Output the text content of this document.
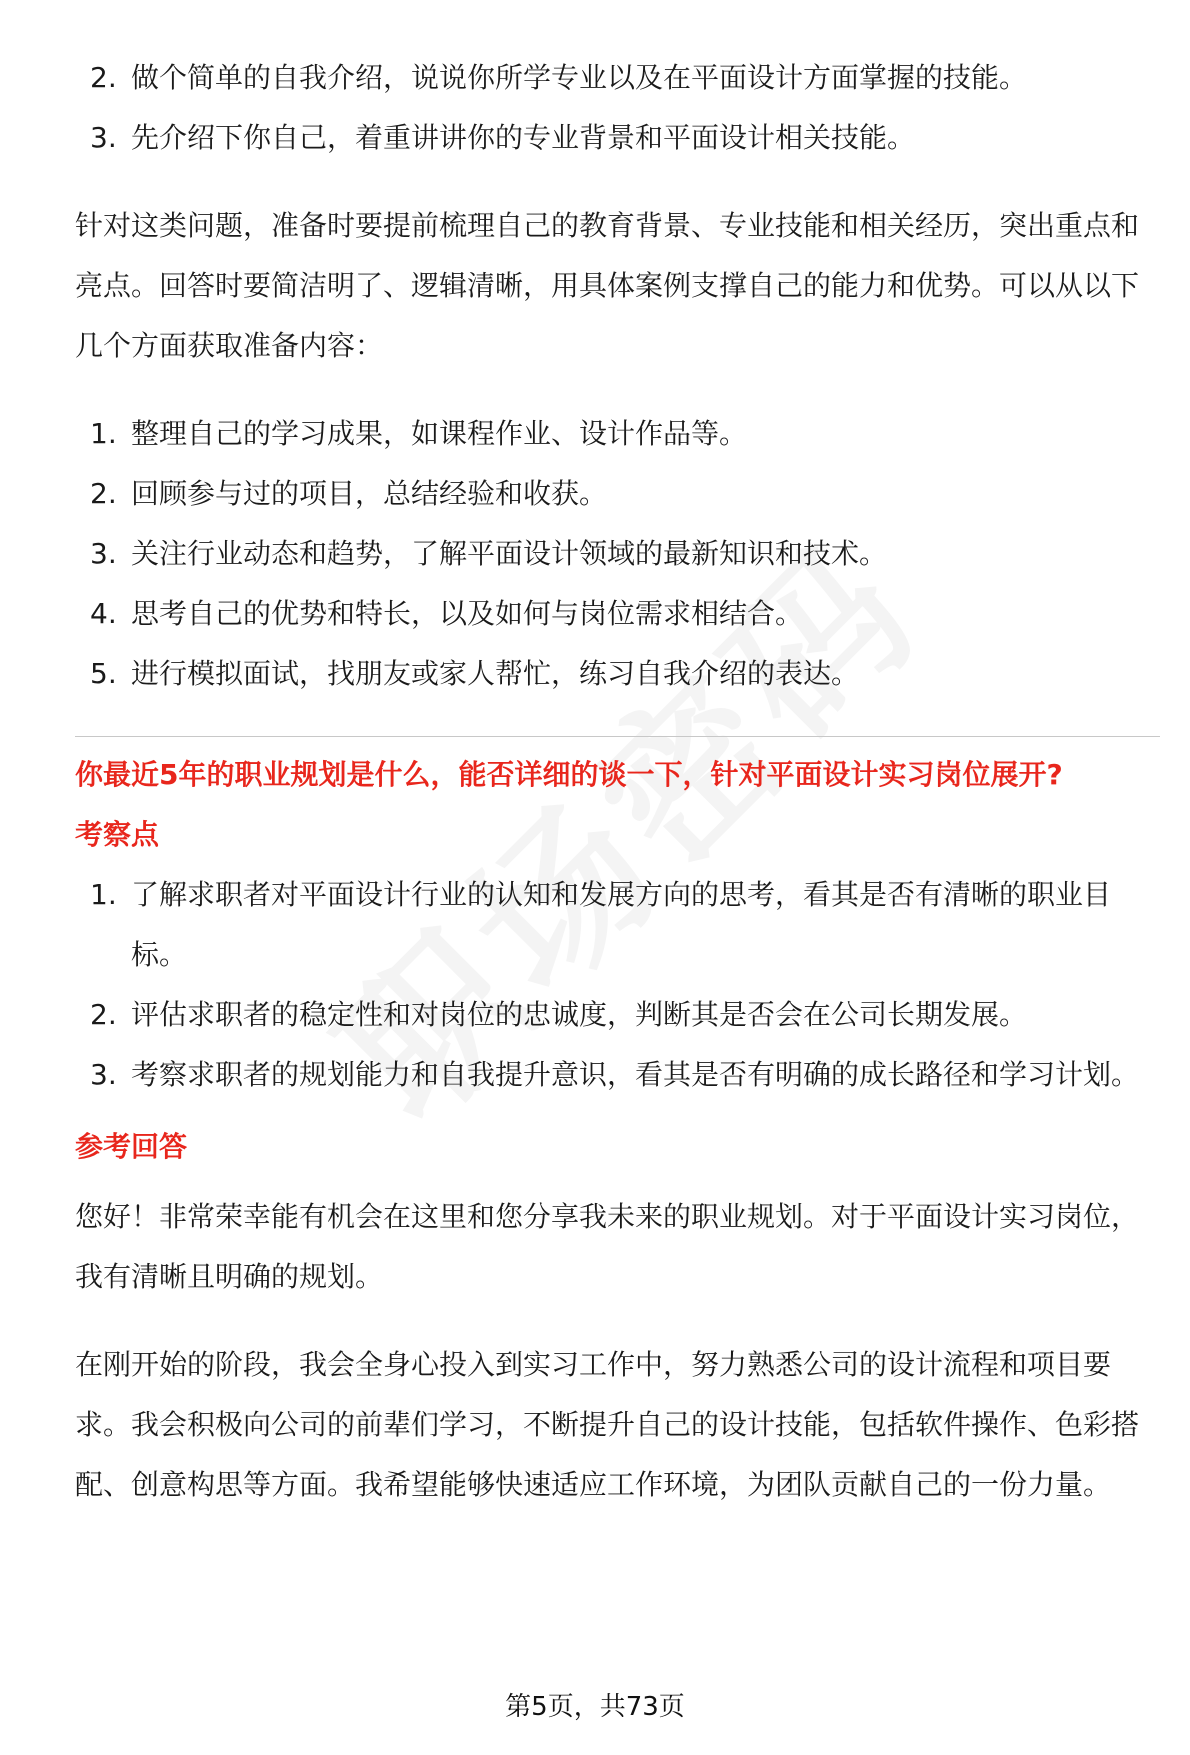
2. 做个简单的自我介绍，说说你所学专业以及在平面设计方面掌握的技能。
3. 先介绍下你自己，着重讲讲你的专业背景和平面设计相关技能。

针对这类问题，准备时要提前梳理自己的教育背景、专业技能和相关经历，突出重点和亮点。回答时要简洁明了、逻辑清晰，用具体案例支撑自己的能力和优势。可以从以下几个方面获取准备内容：

1. 整理自己的学习成果，如课程作业、设计作品等。
2. 回顾参与过的项目，总结经验和收获。
3. 关注行业动态和趋势，了解平面设计领域的最新知识和技术。
4. 思考自己的优势和特长，以及如何与岗位需求相结合。
5. 进行模拟面试，找朋友或家人帮忙，练习自我介绍的表达。
你最近5年的职业规划是什么，能否详细的谈一下，针对平面设计实习岗位展开?
考察点
1. 了解求职者对平面设计行业的认知和发展方向的思考，看其是否有清晰的职业目标。
2. 评估求职者的稳定性和对岗位的忠诚度，判断其是否会在公司长期发展。
3. 考察求职者的规划能力和自我提升意识，看其是否有明确的成长路径和学习计划。
参考回答

您好！非常荣幸能有机会在这里和您分享我未来的职业规划。对于平面设计实习岗位，我有清晰且明确的规划。

在刚开始的阶段，我会全身心投入到实习工作中，努力熟悉公司的设计流程和项目要求。我会积极向公司的前辈们学习，不断提升自己的设计技能，包括软件操作、色彩搭配、创意构思等方面。我希望能够快速适应工作环境，为团队贡献自己的一份力量。

第5页，共73页
